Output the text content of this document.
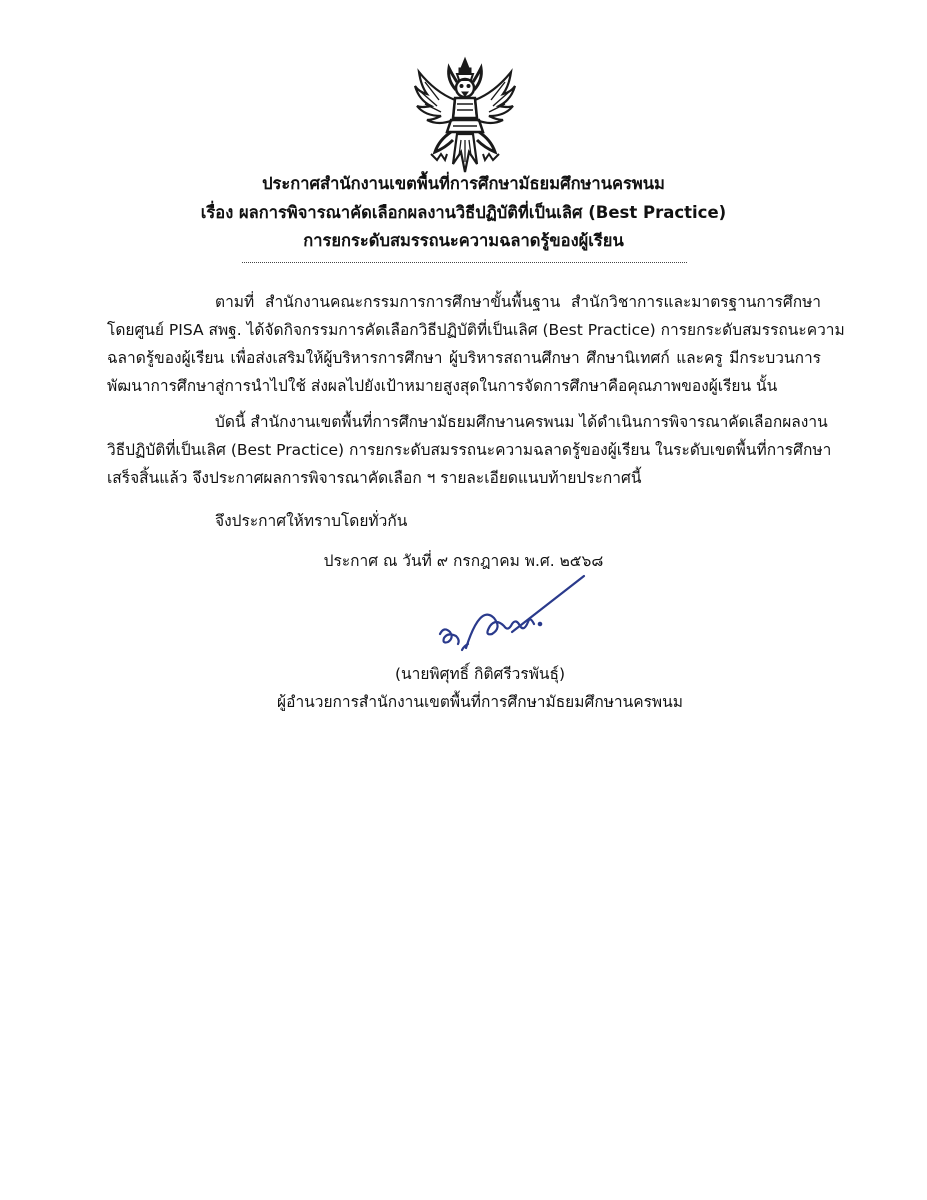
ประกาศสำนักงานเขตพื้นที่การศึกษามัธยมศึกษานครพนม
เรื่อง ผลการพิจารณาคัดเลือกผลงานวิธีปฏิบัติที่เป็นเลิศ (Best Practice)
การยกระดับสมรรถนะความฉลาดรู้ของผู้เรียน
ตามที่ สำนักงานคณะกรรมการการศึกษาขั้นพื้นฐาน สำนักวิชาการและมาตรฐานการศึกษา
โดยศูนย์ PISA สพฐ. ได้จัดกิจกรรมการคัดเลือกวิธีปฏิบัติที่เป็นเลิศ (Best Practice) การยกระดับสมรรถนะความ
ฉลาดรู้ของผู้เรียน เพื่อส่งเสริมให้ผู้บริหารการศึกษา ผู้บริหารสถานศึกษา ศึกษานิเทศก์ และครู มีกระบวนการ
พัฒนาการศึกษาสู่การนำไปใช้ ส่งผลไปยังเป้าหมายสูงสุดในการจัดการศึกษาคือคุณภาพของผู้เรียน นั้น
บัดนี้ สำนักงานเขตพื้นที่การศึกษามัธยมศึกษานครพนม ได้ดำเนินการพิจารณาคัดเลือกผลงาน
วิธีปฏิบัติที่เป็นเลิศ (Best Practice) การยกระดับสมรรถนะความฉลาดรู้ของผู้เรียน ในระดับเขตพื้นที่การศึกษา
เสร็จสิ้นแล้ว จึงประกาศผลการพิจารณาคัดเลือก ฯ รายละเอียดแนบท้ายประกาศนี้
จึงประกาศให้ทราบโดยทั่วกัน
ประกาศ ณ วันที่ ๙ กรกฎาคม พ.ศ. ๒๕๖๘
(นายพิศุทธิ์ กิติศรีวรพันธุ์)
ผู้อำนวยการสำนักงานเขตพื้นที่การศึกษามัธยมศึกษานครพนม
